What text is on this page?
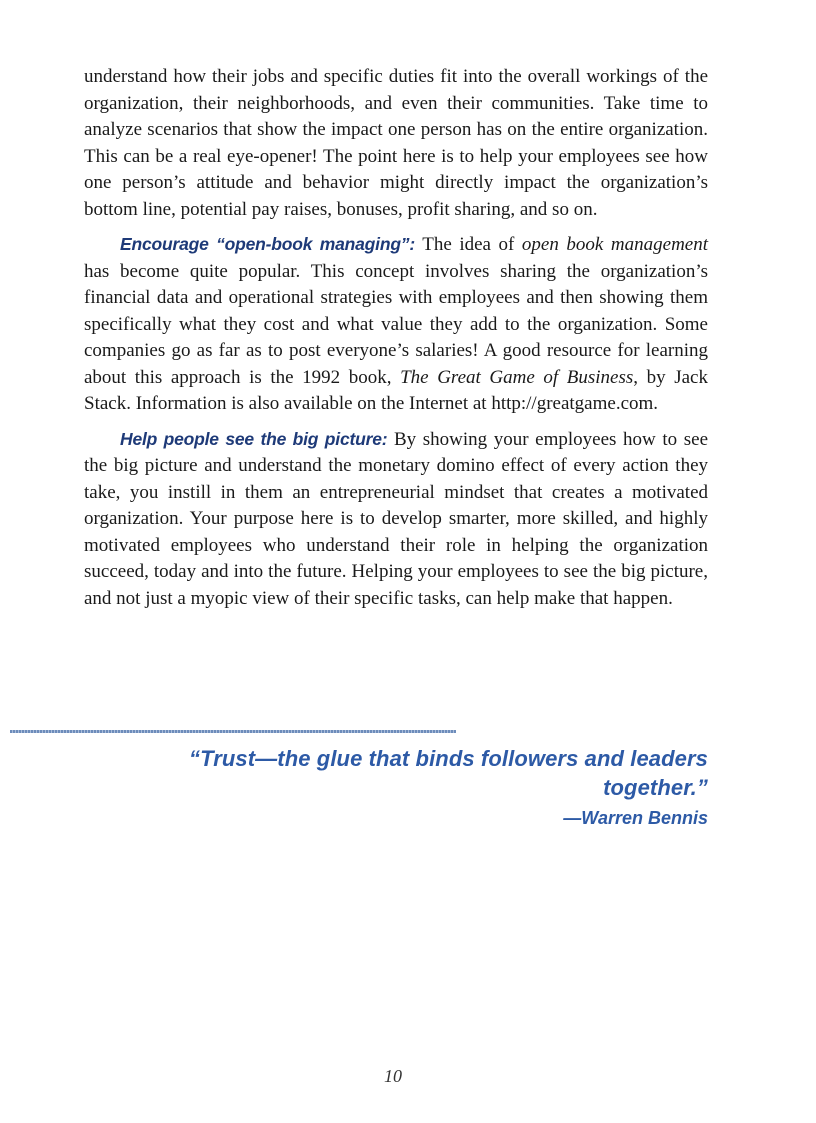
understand how their jobs and specific duties fit into the overall workings of the organization, their neighborhoods, and even their communities. Take time to analyze scenarios that show the impact one person has on the entire organization. This can be a real eye-opener! The point here is to help your employees see how one person’s attitude and behavior might directly impact the organization’s bottom line, potential pay raises, bonuses, profit sharing, and so on.

Encourage “open-book managing”: The idea of open book management has become quite popular. This concept involves sharing the organization’s financial data and operational strategies with employees and then showing them specifically what they cost and what value they add to the organization. Some companies go as far as to post everyone’s salaries! A good resource for learning about this approach is the 1992 book, The Great Game of Business, by Jack Stack. Information is also available on the Internet at http://greatgame.com.

Help people see the big picture: By showing your employees how to see the big picture and understand the monetary domino effect of every action they take, you instill in them an entrepreneurial mindset that creates a motivated organization. Your purpose here is to develop smarter, more skilled, and highly motivated employees who understand their role in helping the organization succeed, today and into the future. Helping your employees to see the big picture, and not just a myopic view of their specific tasks, can help make that happen.

“Trust—the glue that binds followers and leaders together.”
—Warren Bennis
10
